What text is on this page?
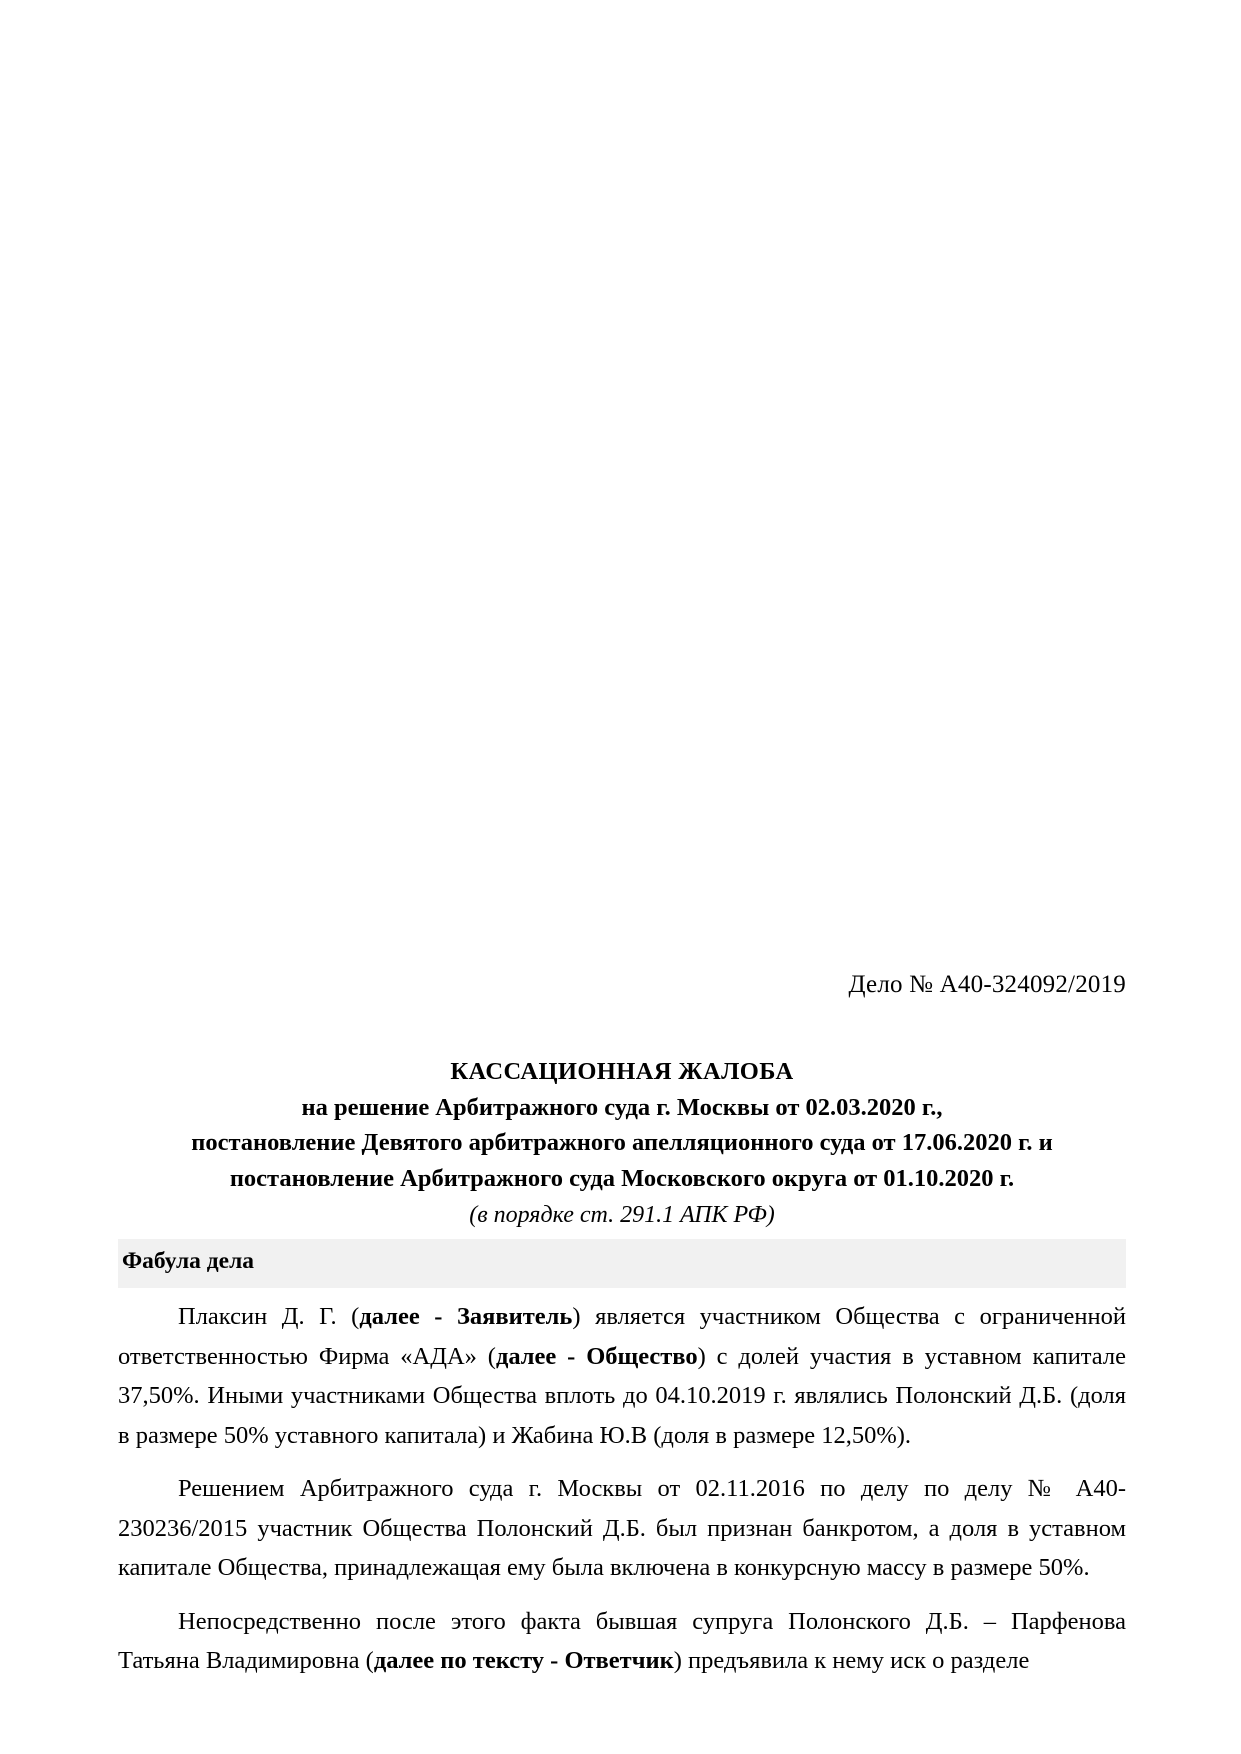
Дело № А40-324092/2019
КАССАЦИОННАЯ ЖАЛОБА
на решение Арбитражного суда г. Москвы от 02.03.2020 г.,
постановление Девятого арбитражного апелляционного суда от 17.06.2020 г. и
постановление Арбитражного суда Московского округа от 01.10.2020 г.
(в порядке ст. 291.1 АПК РФ)
Фабула дела

Плаксин Д. Г. (далее - Заявитель) является участником Общества с ограниченной ответственностью Фирма «АДА» (далее - Общество) с долей участия в уставном капитале 37,50%. Иными участниками Общества вплоть до 04.10.2019 г. являлись Полонский Д.Б. (доля в размере 50% уставного капитала) и Жабина Ю.В (доля в размере 12,50%).

Решением Арбитражного суда г. Москвы от 02.11.2016 по делу по делу № А40-230236/2015 участник Общества Полонский Д.Б. был признан банкротом, а доля в уставном капитале Общества, принадлежащая ему была включена в конкурсную массу в размере 50%.

Непосредственно после этого факта бывшая супруга Полонского Д.Б. – Парфенова Татьяна Владимировна (далее по тексту - Ответчик) предъявила к нему иск о разделе
